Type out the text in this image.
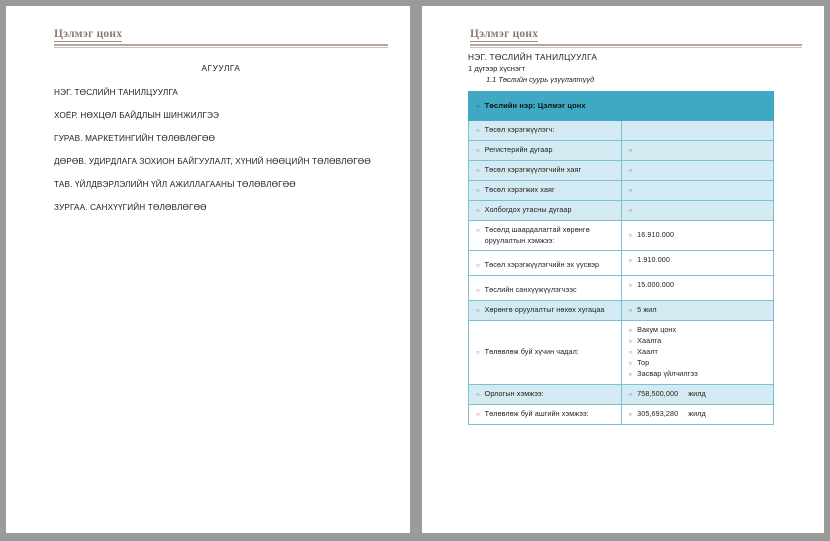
Цэлмэг цонх
АГУУЛГА
НЭГ. ТӨСЛИЙН ТАНИЛЦУУЛГА
ХОЁР. НӨХЦӨЛ БАЙДЛЫН ШИНЖИЛГЭЭ
ГУРАВ. МАРКЕТИНГИЙН ТӨЛӨВЛӨГӨӨ
ДӨРӨВ. УДИРДЛАГА ЗОХИОН БАЙГУУЛАЛТ, ХҮНИЙ НӨӨЦИЙН ТӨЛӨВЛӨГӨӨ
ТАВ. ҮЙЛДВЭРЛЭЛИЙН ҮЙЛ АЖИЛЛАГААНЫ ТӨЛӨВЛӨГӨӨ
ЗУРГАА. САНХҮҮГИЙН ТӨЛӨВЛӨГӨӨ
Цэлмэг цонх
НЭГ. ТӨСЛИЙН ТАНИЛЦУУЛГА
1 дүгээр хүснэгт
1.1 Төслийн суурь үзүүлэлтүүд
○ Төслийн нэр: Цэлмэг цонх	

○ Төсөл хэрэгжүүлэгч:	

○ Регистерийн дугаар	○

○ Төсөл хэрэгжүүлэгчийн хаяг	○

○ Төсөл хэрэгжих хаяг	○

○ Холбогдох утасны дугаар	○

○ Төсөлд шаардалагтай хөрөнгө оруулалтын хэмжээ:	○ 16.910.000

○ Төсөл хэрэгжүүлэгчийн эх үүсвэр	○ 1.910.000

○ Төслийн санхүүжүүлэгчээс	○ 15.000.000

○ Хөрөнгө оруулалтыг нөхөх хугацаа	○ 5 жил

○ Төлөвлөж буй хүчин чадал:

○ Вакум цонх
○ Хаалга
○ Хаалт
○ Тор
○ Засвар үйлчилгээ

○ Орлогын хэмжээ:	○ 758,500,000 жилд

○ Төлөвлөж буй ашгийн хэмжээ:	○ 305,693,280 жилд
